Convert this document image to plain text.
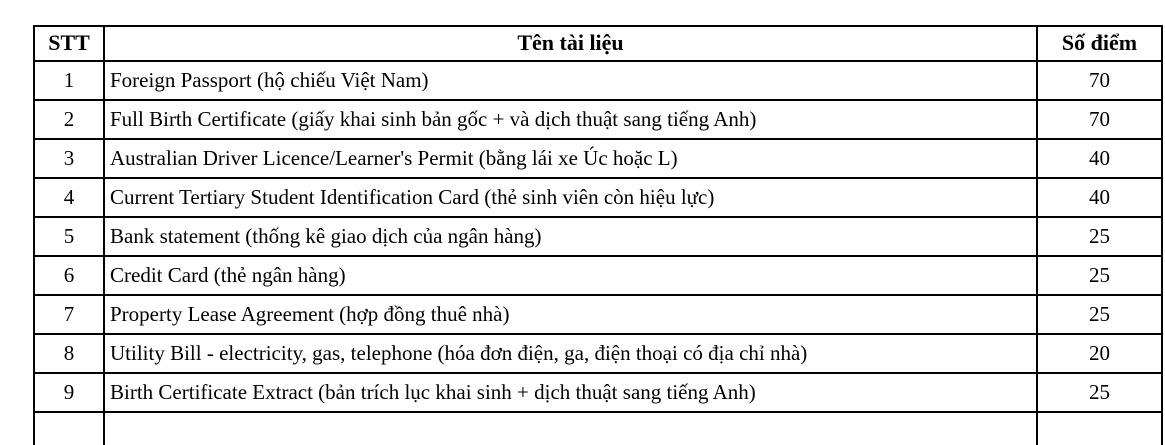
STT	Tên tài liệu	Số điểm
1	Foreign Passport (hộ chiếu Việt Nam)	70
2	Full Birth Certificate (giấy khai sinh bản gốc + và dịch thuật sang tiếng Anh)	70
3	Australian Driver Licence/Learner's Permit (bằng lái xe Úc hoặc L)	40
4	Current Tertiary Student Identification Card (thẻ sinh viên còn hiệu lực)	40
5	Bank statement (thống kê giao dịch của ngân hàng)	25
6	Credit Card (thẻ ngân hàng)	25
7	Property Lease Agreement (hợp đồng thuê nhà)	25
8	Utility Bill - electricity, gas, telephone (hóa đơn điện, ga, điện thoại có địa chỉ nhà)	20
9	Birth Certificate Extract (bản trích lục khai sinh + dịch thuật sang tiếng Anh)	25
